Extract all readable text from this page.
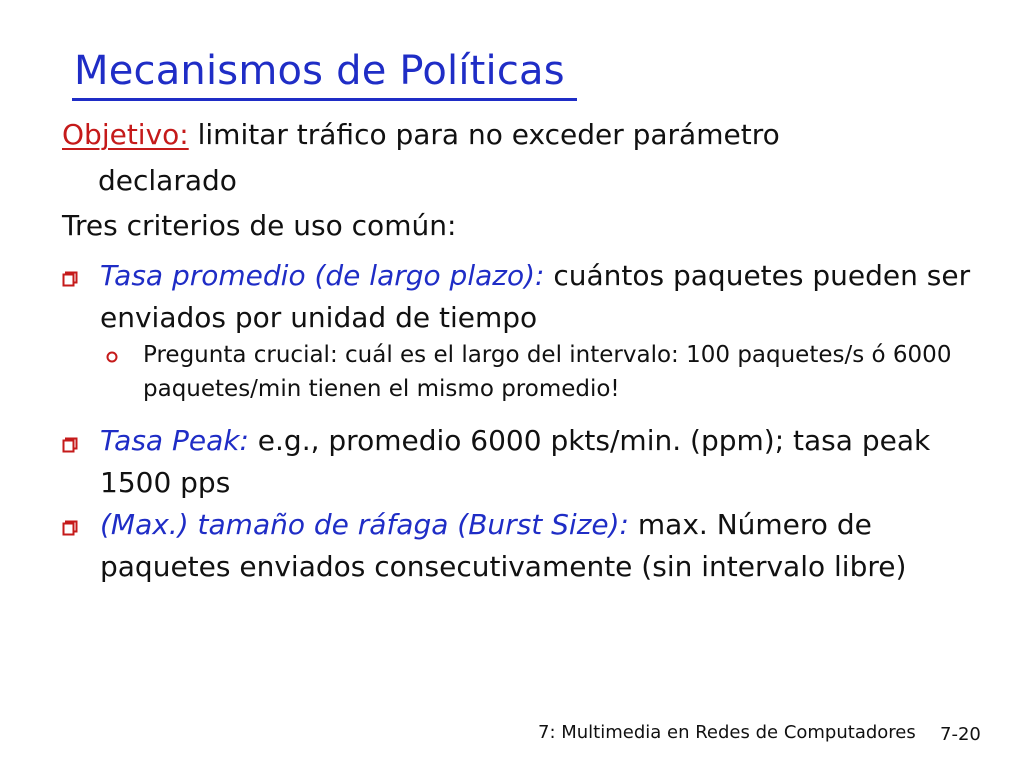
Mecanismos de Políticas
Objetivo: limitar tráfico para no exceder parámetro
declarado
Tres criterios de uso común:
Tasa promedio (de largo plazo): cuántos paquetes pueden ser enviados por unidad de tiempo
Pregunta crucial: cuál es el largo del intervalo: 100 paquetes/s ó 6000 paquetes/min tienen el mismo promedio!
Tasa Peak: e.g., promedio 6000 pkts/min. (ppm); tasa peak 1500 pps
(Max.) tamaño de ráfaga (Burst Size): max. Número de paquetes enviados consecutivamente (sin intervalo libre)
7: Multimedia en Redes de Computadores 7-20
